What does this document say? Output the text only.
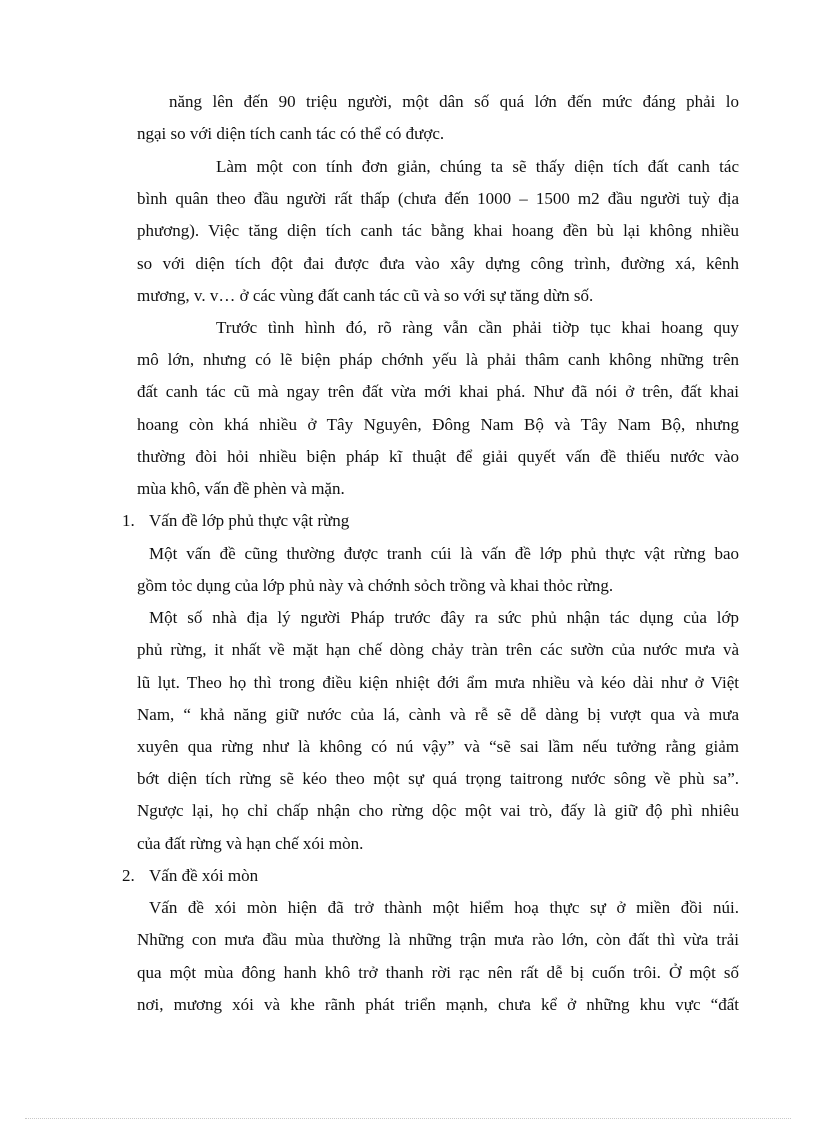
năng lên đến 90 triệu người, một dân số quá lớn đến mức đáng phải lo
ngại so với diện tích canh tác có thể có được.
Làm một con tính đơn giản, chúng ta sẽ thấy diện tích đất canh tác
bình quân theo đầu người rất thấp (chưa đến 1000 – 1500 m2 đầu người tuỳ địa
phương). Việc tăng diện tích canh tác bằng khai hoang đền bù lại không nhiều
so với diện tích đột đai được đưa vào xây dựng công trình, đường xá, kênh
mương, v. v… ở các vùng đất canh tác cũ và so với sự tăng dừn số.
Trước tình hình đó, rõ ràng vẫn cần phải tiờp tục khai hoang quy
mô lớn, nhưng có lẽ biện pháp chớnh yếu là phải thâm canh không những trên
đất canh tác cũ mà ngay trên đất vừa mới khai phá. Như đã nói ở trên, đất khai
hoang còn khá nhiều ở Tây Nguyên, Đông Nam Bộ và Tây Nam Bộ, nhưng
thường đòi hỏi nhiều biện pháp kĩ thuật để giải quyết vấn đề thiếu nước vào
mùa khô, vấn đề phèn và mặn.
1. Vấn đề lớp phủ thực vật rừng
Một vấn đề cũng thường được tranh cúi là vấn đề lớp phủ thực vật rừng bao
gồm tỏc dụng của lớp phủ này và chớnh sỏch trồng và khai thỏc rừng.
Một số nhà địa lý người Pháp trước đây ra sức phủ nhận tác dụng của lớp
phủ rừng, it nhất về mặt hạn chế dòng chảy tràn trên các sườn của nước mưa và
lũ lụt. Theo họ thì trong điều kiện nhiệt đới ẩm mưa nhiều và kéo dài như ở Việt
Nam, “ khả năng giữ nước của lá, cành và rễ sẽ dễ dàng bị vượt qua và mưa
xuyên qua rừng như là không có nú vậy” và “sẽ sai lầm nếu tưởng rằng giảm
bớt diện tích rừng sẽ kéo theo một sự quá trọng taitrong nước sông về phù sa”.
Ngược lại, họ chỉ chấp nhận cho rừng dộc một vai trò, đấy là giữ độ phì nhiêu
của đất rừng và hạn chế xói mòn.
2. Vấn đề xói mòn
Vấn đề xói mòn hiện đã trở thành một hiểm hoạ thực sự ở miền đồi núi.
Những con mưa đầu mùa thường là những trận mưa rào lớn, còn đất thì vừa trải
qua một mùa đông hanh khô trở thanh rời rạc nên rất dễ bị cuốn trôi. Ở một số
nơi, mương xói và khe rãnh phát triển mạnh, chưa kể ở những khu vực “đất
